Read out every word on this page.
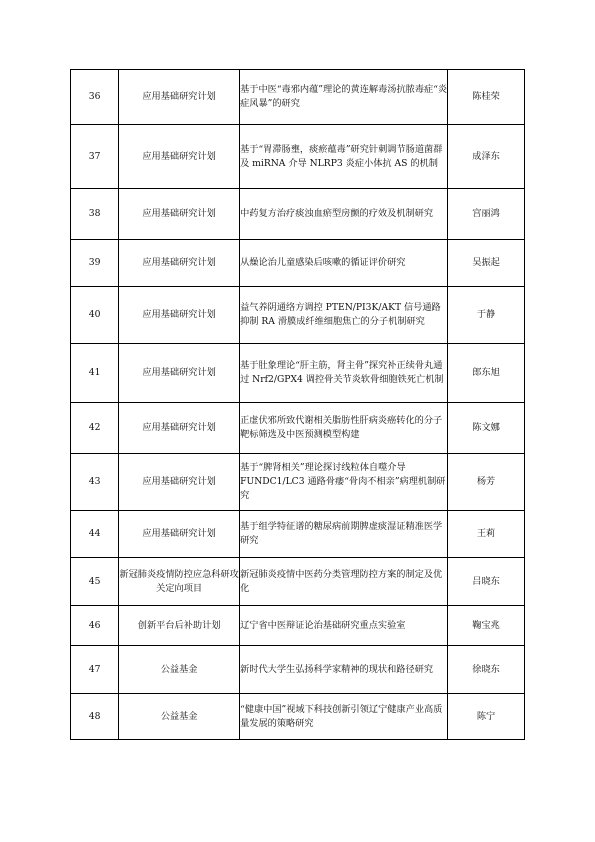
36	应用基础研究计划	基于中医“毒邪内蕴”理论的黄连解毒汤抗脓毒症“炎症风暴”的研究	陈桂荣
37	应用基础研究计划	基于“胃滞肠壅，痰瘀蕴毒”研究针刺调节肠道菌群及 miRNA 介导 NLRP3 炎症小体抗 AS 的机制	成泽东
38	应用基础研究计划	中药复方治疗痰浊血瘀型房颤的疗效及机制研究	宫丽鸿
39	应用基础研究计划	从燥论治儿童感染后咳嗽的循证评价研究	吴振起
40	应用基础研究计划	益气养阴通络方调控 PTEN/PI3K/AKT 信号通路抑制 RA 滑膜成纤维细胞焦亡的分子机制研究	于静
41	应用基础研究计划	基于肚象理论“肝主筋，肾主骨”探究补正续骨丸通过 Nrf2/GPX4 调控骨关节炎软骨细胞铁死亡机制	郎东旭
42	应用基础研究计划	正虚伏邪所致代谢相关脂肪性肝病炎癌转化的分子靶标筛选及中医预测模型构建	陈文娜
43	应用基础研究计划	基于“脾肾相关”理论探讨线粒体自噬介导 FUNDC1/LC3 通路骨痿“骨肉不相亲”病理机制研究	杨芳
44	应用基础研究计划	基于组学特征谱的糖尿病前期脾虚痰湿证精准医学研究	王莉
45	新冠肺炎疫情防控应急科研攻关定向项目	新冠肺炎疫情中医药分类管理防控方案的制定及优化	吕晓东
46	创新平台后补助计划	辽宁省中医辩证论治基础研究重点实验室	鞠宝兆
47	公益基金	新时代大学生弘扬科学家精神的现状和路径研究	徐晓东
48	公益基金	“健康中国”视域下科技创新引领辽宁健康产业高质量发展的策略研究	陈宁
